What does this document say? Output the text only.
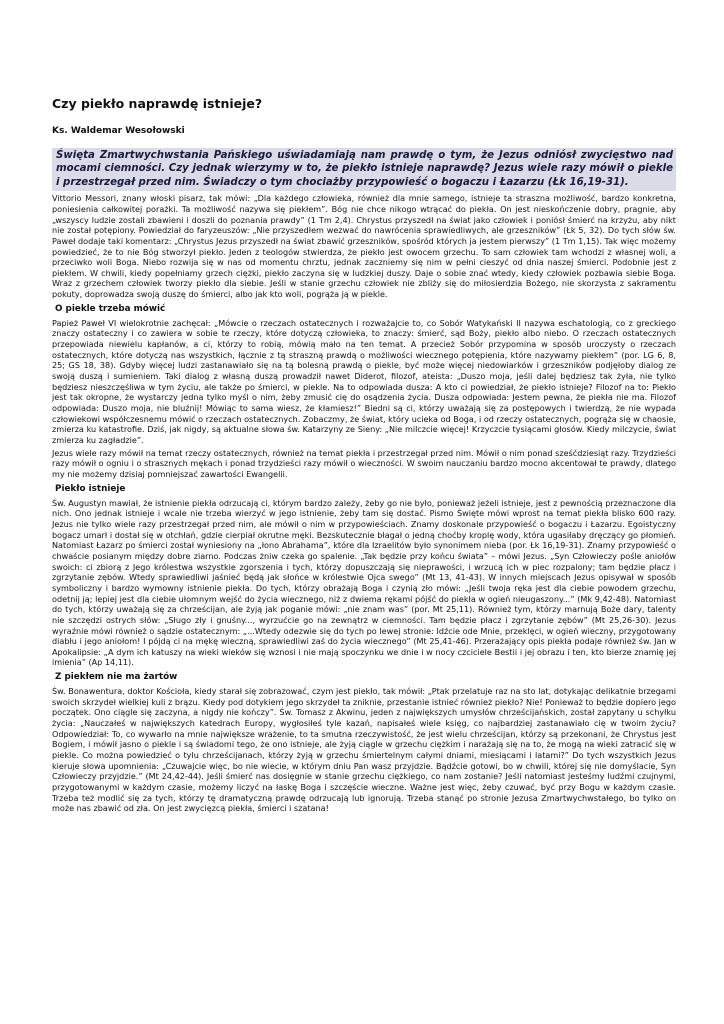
Czy piekło naprawdę istnieje?
Ks. Waldemar Wesołowski
Święta Zmartwychwstania Pańskiego uświadamiają nam prawdę o tym, że Jezus odniósł zwycięstwo nad mocami ciemności. Czy jednak wierzymy w to, że piekło istnieje naprawdę? Jezus wiele razy mówił o piekle i przestrzegał przed nim. Świadczy o tym chociażby przypowieść o bogaczu i Łazarzu (Łk 16,19-31).

Vittorio Messori, znany włoski pisarz, tak mówi: „Dla każdego człowieka, również dla mnie samego, istnieje ta straszna możliwość, bardzo konkretna, poniesienia całkowitej porażki. Ta możliwość nazywa się piekłem”. Bóg nie chce nikogo wtrącać do piekła. On jest nieskończenie dobry, pragnie, aby „wszyscy ludzie zostali zbawieni i doszli do poznania prawdy” (1 Tm 2,4). Chrystus przyszedł na świat jako człowiek i poniósł śmierć na krzyżu, aby nikt nie został potępiony. Powiedział do faryzeuszów: „Nie przyszedłem wezwać do nawrócenia sprawiedliwych, ale grzeszników” (Łk 5, 32). Do tych słów św. Paweł dodaje taki komentarz: „Chrystus Jezus przyszedł na świat zbawić grzeszników, spośród których ja jestem pierwszy” (1 Tm 1,15). Tak więc możemy powiedzieć, że to nie Bóg stworzył piekło. Jeden z teologów stwierdza, że piekło jest owocem grzechu. To sam człowiek tam wchodzi z własnej woli, a przeciwko woli Boga. Niebo rozwija się w nas od momentu chrztu, jednak zaczniemy się nim w pełni cieszyć od dnia naszej śmierci. Podobnie jest z piekłem. W chwili, kiedy popełniamy grzech ciężki, piekło zaczyna się w ludzkiej duszy. Daje o sobie znać wtedy, kiedy człowiek pozbawia siebie Boga. Wraz z grzechem człowiek tworzy piekło dla siebie. Jeśli w stanie grzechu człowiek nie zbliży się do miłosierdzia Bożego, nie skorzysta z sakramentu pokuty, doprowadza swoją duszę do śmierci, albo jak kto woli, pogrąża ją w piekle.

O piekle trzeba mówić

Papież Paweł VI wielokrotnie zachęcał: „Mówcie o rzeczach ostatecznych i rozważajcie to, co Sobór Watykański II nazywa eschatologią, co z greckiego znaczy ostateczny i co zawiera w sobie te rzeczy, które dotyczą człowieka, to znaczy: śmierć, sąd Boży, piekło albo niebo. O rzeczach ostatecznych przepowiada niewielu kapłanów, a ci, którzy to robią, mówią mało na ten temat. A przecież Sobór przypomina w sposób uroczysty o rzeczach ostatecznych, które dotyczą nas wszystkich, łącznie z tą straszną prawdą o możliwości wiecznego potępienia, które nazywamy piekłem” (por. LG 6, 8, 25; GS 18, 38). Gdyby więcej ludzi zastanawiało się na tą bolesną prawdą o piekle, być może więcej niedowiarków i grzeszników podjęłoby dialog ze swoją duszą i sumieniem. Taki dialog z własną duszą prowadził nawet Diderot, filozof, ateista: „Duszo moja, jeśli dalej będziesz tak żyła, nie tylko będziesz nieszczęśliwa w tym życiu, ale także po śmierci, w piekle. Na to odpowiada dusza: A kto ci powiedział, że piekło istnieje? Filozof na to: Piekło jest tak okropne, że wystarczy jedna tylko myśl o nim, żeby zmusić cię do osądzenia życia. Dusza odpowiada: Jestem pewna, że piekła nie ma. Filozof odpowiada: Duszo moja, nie bluźnij! Mówiąc to sama wiesz, że kłamiesz!” Biedni są ci, którzy uważają się za postępowych i twierdzą, że nie wypada człowiekowi współczesnemu mówić o rzeczach ostatecznych. Zobaczmy, że świat, który ucieka od Boga, i od rzeczy ostatecznych, pogrąża się w chaosie, zmierza ku katastrofie. Dziś, jak nigdy, są aktualne słowa św. Katarzyny ze Sieny: „Nie milczcie więcej! Krzyczcie tysiącami głosów. Kiedy milczycie, świat zmierza ku zagładzie”.

Jezus wiele razy mówił na temat rzeczy ostatecznych, również na temat piekła i przestrzegał przed nim. Mówił o nim ponad sześćdziesiąt razy. Trzydzieści razy mówił o ogniu i o strasznych mękach i ponad trzydzieści razy mówił o wieczności. W swoim nauczaniu bardzo mocno akcentował te prawdy, dlatego my nie możemy dzisiaj pomniejszać zawartości Ewangelii.

Piekło istnieje

Św. Augustyn mawiał, że istnienie piekła odrzucają ci, którym bardzo zależy, żeby go nie było, ponieważ jeżeli istnieje, jest z pewnością przeznaczone dla nich. Ono jednak istnieje i wcale nie trzeba wierzyć w jego istnienie, żeby tam się dostać. Pismo Święte mówi wprost na temat piekła blisko 600 razy. Jezus nie tylko wiele razy przestrzegał przed nim, ale mówił o nim w przypowieściach. Znamy doskonale przypowieść o bogaczu i Łazarzu. Egoistyczny bogacz umarł i dostał się w otchłań, gdzie cierpiał okrutne męki. Bezskutecznie błagał o jedną choćby kroplę wody, która ugasiłaby dręczący go płomień. Natomiast Łazarz po śmierci został wyniesiony na „łono Abrahama”, które dla Izraelitów było synonimem nieba (por. Łk 16,19-31). Znamy przypowieść o chwaście posianym między dobre ziarno. Podczas żniw czeka go spalenie. „Tak będzie przy końcu świata” – mówi Jezus. „Syn Człowieczy pośle aniołów swoich: ci zbiorą z Jego królestwa wszystkie zgorszenia i tych, którzy dopuszczają się nieprawości, i wrzucą ich w piec rozpalony; tam będzie płacz i zgrzytanie zębów. Wtedy sprawiedliwi jaśnieć będą jak słońce w królestwie Ojca swego” (Mt 13, 41-43). W innych miejscach Jezus opisywał w sposób symboliczny i bardzo wymowny istnienie piekła. Do tych, którzy obrażają Boga i czynią zło mówi: „Jeśli twoja ręka jest dla ciebie powodem grzechu, odetnij ją; lepiej jest dla ciebie ułomnym wejść do życia wiecznego, niż z dwiema rękami pójść do piekła w ogień nieugaszony...” (Mk 9,42-48). Natomiast do tych, którzy uważają się za chrześcijan, ale żyją jak poganie mówi: „nie znam was” (por. Mt 25,11). Również tym, którzy marnują Boże dary, talenty nie szczędzi ostrych słów: „Sługo zły i gnuśny..., wyrzućcie go na zewnątrz w ciemności. Tam będzie płacz i zgrzytanie zębów” (Mt 25,26-30). Jezus wyraźnie mówi również o sądzie ostatecznym: „...Wtedy odezwie się do tych po lewej stronie: Idźcie ode Mnie, przeklęci, w ogień wieczny, przygotowany diabłu i jego aniołom! I pójdą ci na mękę wieczną, sprawiedliwi zaś do życia wiecznego” (Mt 25,41-46). Przerażający opis piekła podaje również św. Jan w Apokalipsie: „A dym ich katuszy na wieki wieków się wznosi i nie mają spoczynku we dnie i w nocy czciciele Bestii i jej obrazu i ten, kto bierze znamię jej imienia” (Ap 14,11).

Z piekłem nie ma żartów

Św. Bonawentura, doktor Kościoła, kiedy starał się zobrazować, czym jest piekło, tak mówił: „Ptak przelatuje raz na sto lat, dotykając delikatnie brzegami swoich skrzydeł wielkiej kuli z brązu. Kiedy pod dotykiem jego skrzydeł ta zniknie, przestanie istnieć również piekło? Nie! Ponieważ to będzie dopiero jego początek. Ono ciągle się zaczyna, a nigdy nie kończy”. Św. Tomasz z Akwinu, jeden z największych umysłów chrześcijańskich, został zapytany u schyłku życia: „Nauczałeś w największych katedrach Europy, wygłosiłeś tyle kazań, napisałeś wiele księg, co najbardziej zastanawiało cię w twoim życiu? Odpowiedział: To, co wywarło na mnie największe wrażenie, to ta smutna rzeczywistość, że jest wielu chrześcijan, którzy są przekonani, że Chrystus jest Bogiem, i mówił jasno o piekle i są świadomi tego, że ono istnieje, ale żyją ciągle w grzechu ciężkim i narażają się na to, że mogą na wieki zatracić się w piekle. Co można powiedzieć o tylu chrześcijanach, którzy żyją w grzechu śmiertelnym całymi dniami, miesiącami i latami?” Do tych wszystkich Jezus kieruje słowa upomnienia: „Czuwajcie więc, bo nie wiecie, w którym dniu Pan wasz przyjdzie. Bądźcie gotowi, bo w chwili, której się nie domyślacie, Syn Człowieczy przyjdzie.” (Mt 24,42-44). Jeśli śmierć nas dosięgnie w stanie grzechu ciężkiego, co nam zostanie? Jeśli natomiast jesteśmy ludźmi czujnymi, przygotowanymi w każdym czasie, możemy liczyć na łaskę Boga i szczęście wieczne. Ważne jest więc, żeby czuwać, być przy Bogu w każdym czasie. Trzeba też modlić się za tych, którzy tę dramatyczną prawdę odrzucają lub ignorują. Trzeba stanąć po stronie Jezusa Zmartwychwstałego, bo tylko on może nas zbawić od zła. On jest zwycięzcą piekła, śmierci i szatana!
